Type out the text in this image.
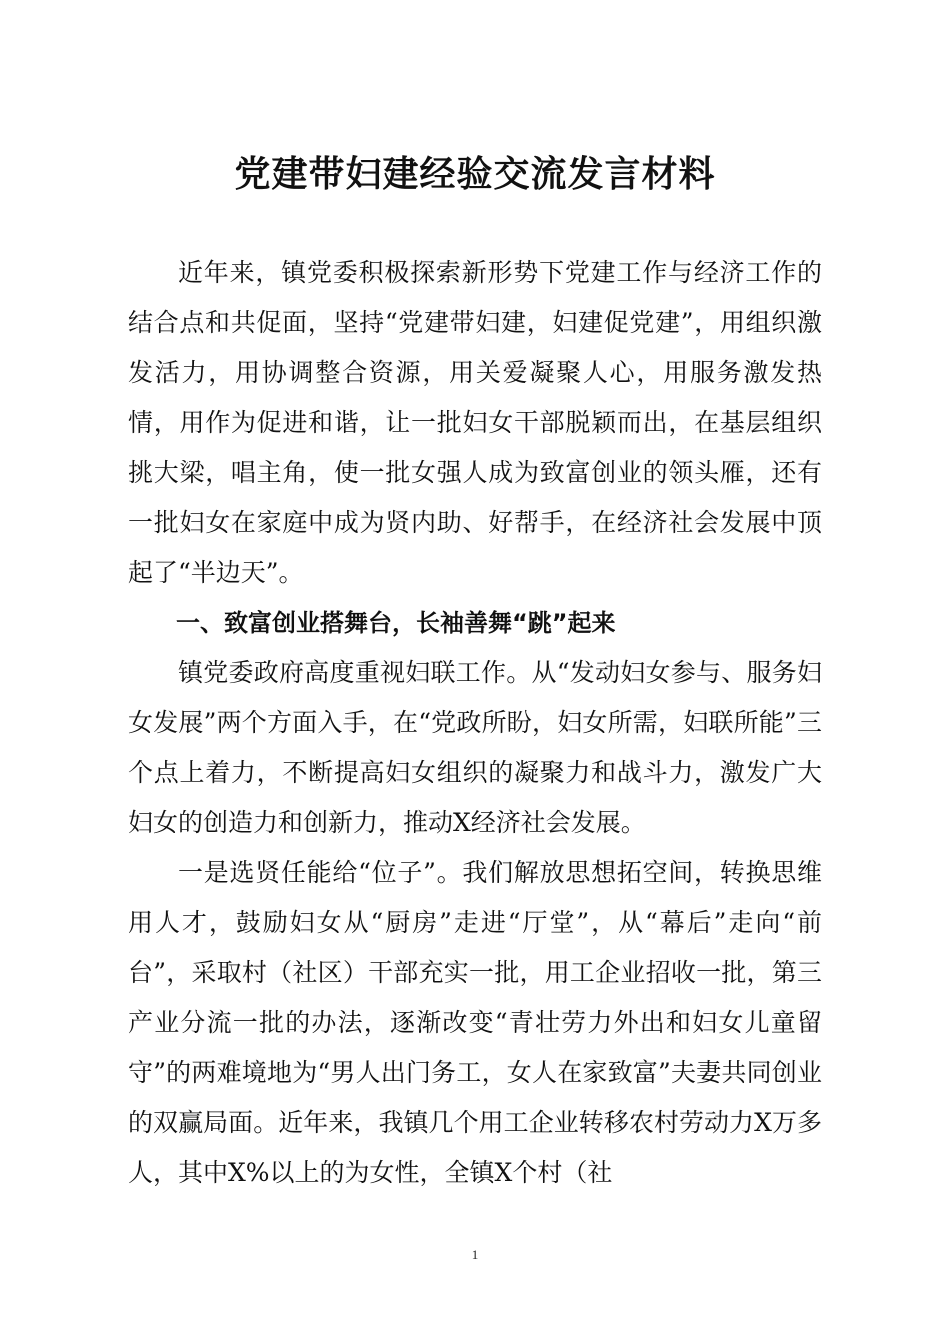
党建带妇建经验交流发言材料

近年来，镇党委积极探索新形势下党建工作与经济工作的结合点和共促面，坚持“党建带妇建，妇建促党建”，用组织激发活力，用协调整合资源，用关爱凝聚人心，用服务激发热情，用作为促进和谐，让一批妇女干部脱颖而出，在基层组织挑大梁，唱主角，使一批女强人成为致富创业的领头雁，还有一批妇女在家庭中成为贤内助、好帮手，在经济社会发展中顶起了“半边天”。

一、致富创业搭舞台，长袖善舞“跳”起来

镇党委政府高度重视妇联工作。从“发动妇女参与、服务妇女发展”两个方面入手，在“党政所盼，妇女所需，妇联所能”三个点上着力，不断提高妇女组织的凝聚力和战斗力，激发广大妇女的创造力和创新力，推动X经济社会发展。

一是选贤任能给“位子”。我们解放思想拓空间，转换思维用人才，鼓励妇女从“厨房”走进“厅堂”，从“幕后”走向“前台”，采取村（社区）干部充实一批，用工企业招收一批，第三产业分流一批的办法，逐渐改变“青壮劳力外出和妇女儿童留守”的两难境地为“男人出门务工，女人在家致富”夫妻共同创业的双赢局面。近年来，我镇几个用工企业转移农村劳动力X万多人，其中X%以上的为女性，全镇X个村（社

1
